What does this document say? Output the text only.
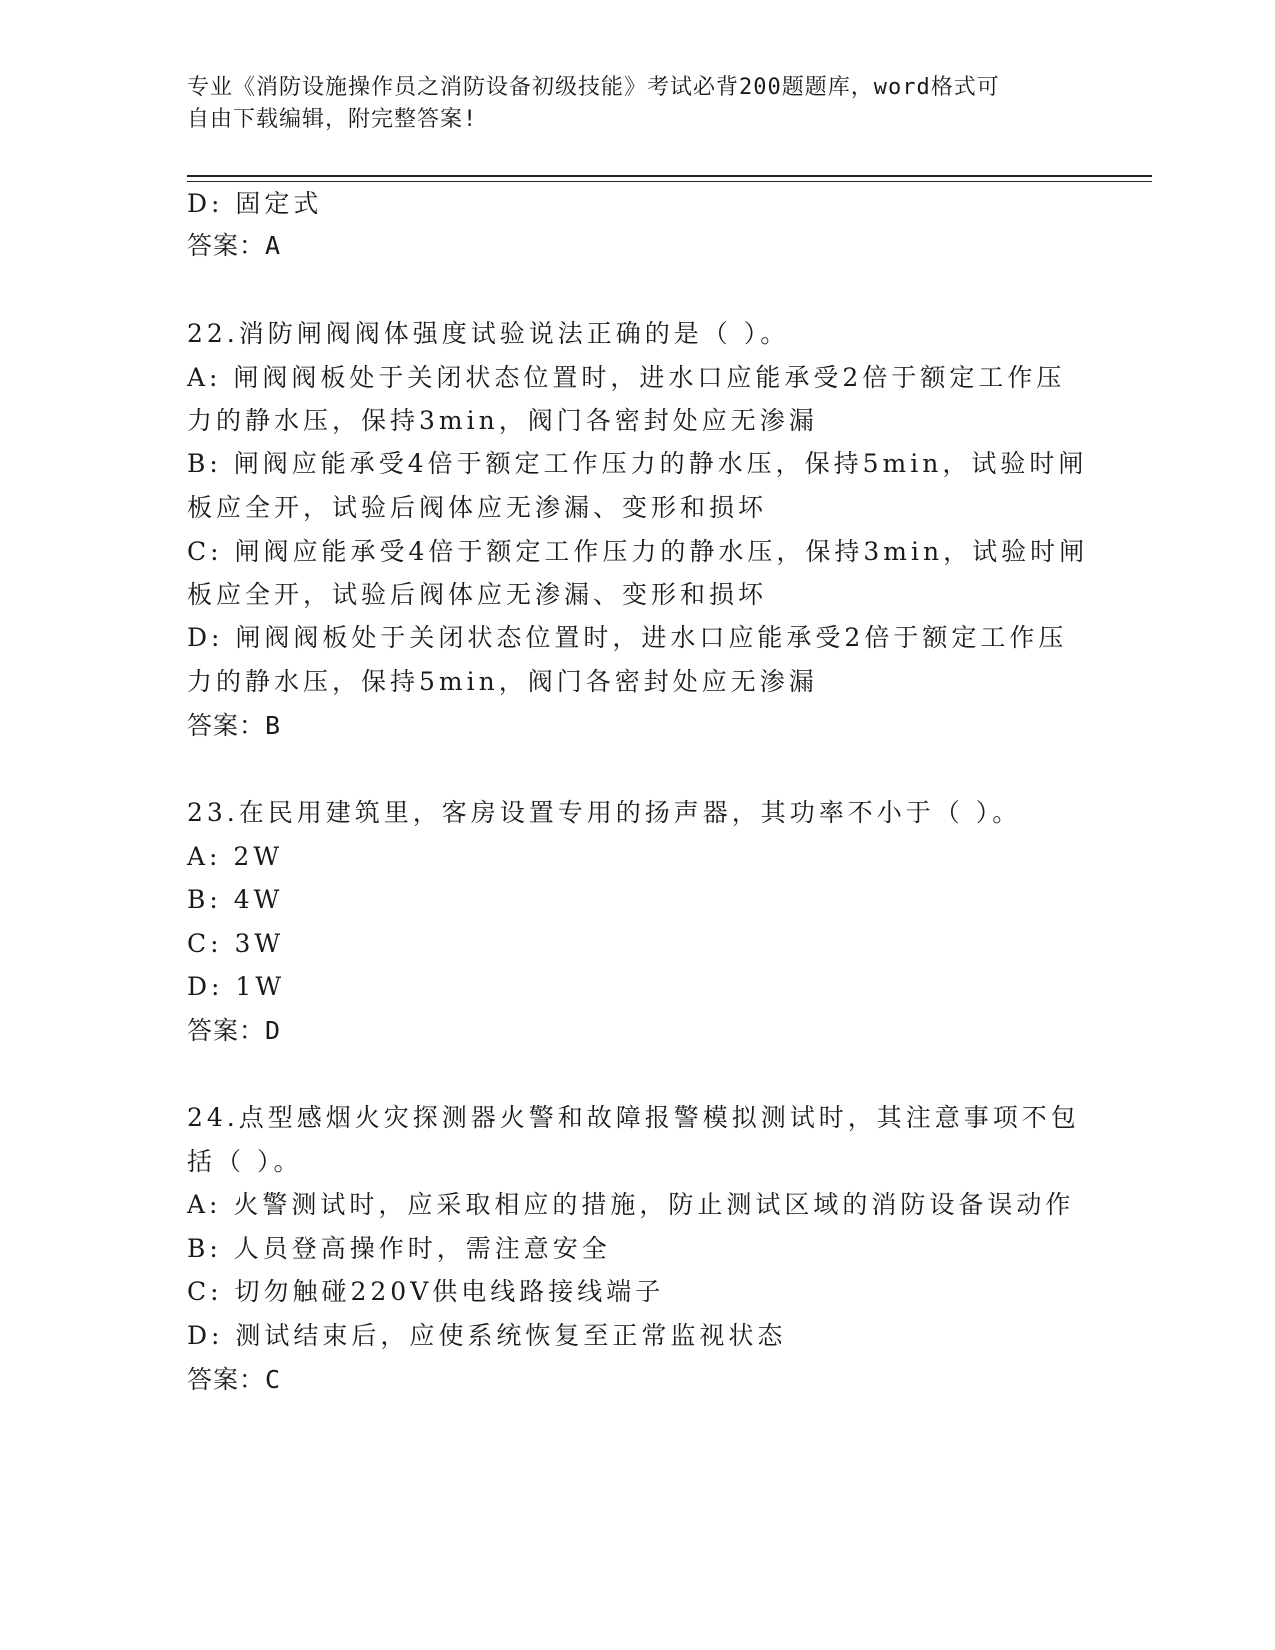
专业《消防设施操作员之消防设备初级技能》考试必背200题题库，word格式可
自由下载编辑，附完整答案!
D: 固定式
答案：A
22.消防闸阀阀体强度试验说法正确的是（ ）。
A: 闸阀阀板处于关闭状态位置时，进水口应能承受2倍于额定工作压
力的静水压，保持3min，阀门各密封处应无渗漏
B: 闸阀应能承受4倍于额定工作压力的静水压，保持5min，试验时闸
板应全开，试验后阀体应无渗漏、变形和损坏
C: 闸阀应能承受4倍于额定工作压力的静水压，保持3min，试验时闸
板应全开，试验后阀体应无渗漏、变形和损坏
D: 闸阀阀板处于关闭状态位置时，进水口应能承受2倍于额定工作压
力的静水压，保持5min，阀门各密封处应无渗漏
答案：B
23.在民用建筑里，客房设置专用的扬声器，其功率不小于（ ）。
A: 2W
B: 4W
C: 3W
D: 1W
答案：D
24.点型感烟火灾探测器火警和故障报警模拟测试时，其注意事项不包
括（ ）。
A: 火警测试时，应采取相应的措施，防止测试区域的消防设备误动作
B: 人员登高操作时，需注意安全
C: 切勿触碰220V供电线路接线端子
D: 测试结束后，应使系统恢复至正常监视状态
答案：C
